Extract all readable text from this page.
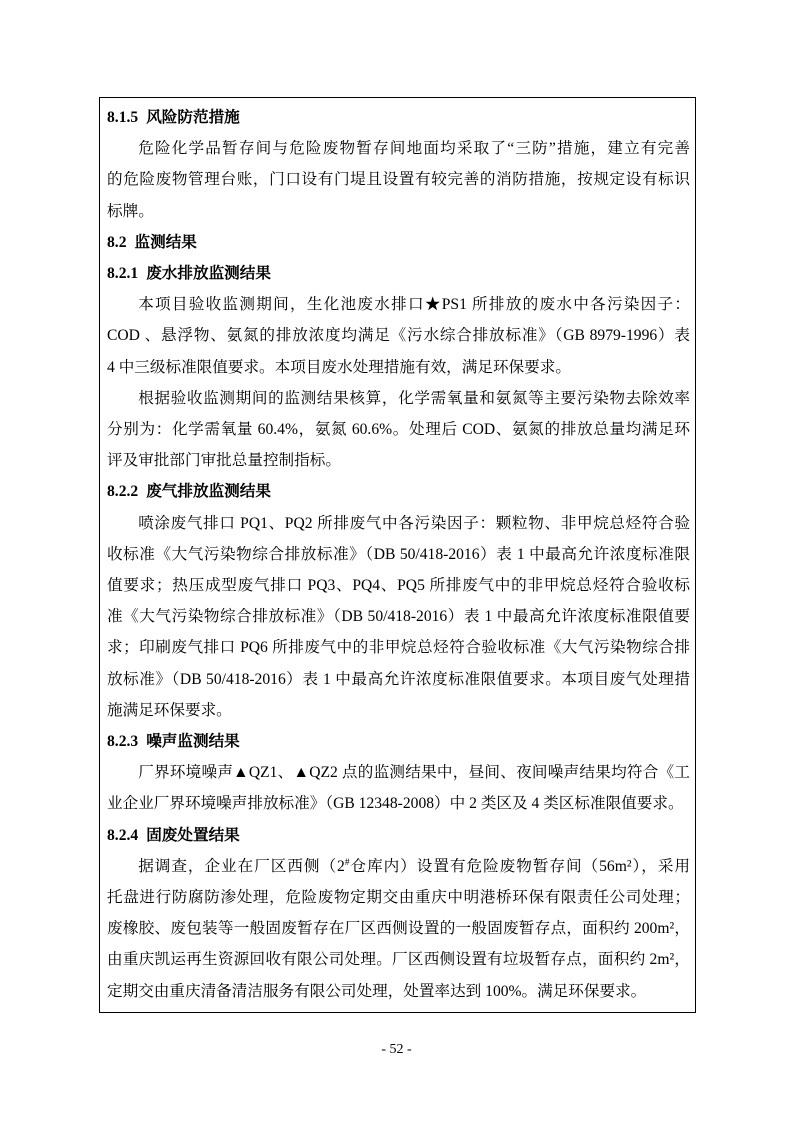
8.1.5 风险防范措施
危险化学品暂存间与危险废物暂存间地面均采取了“三防”措施，建立有完善
的危险废物管理台账，门口设有门堤且设置有较完善的消防措施，按规定设有标识
标牌。
8.2 监测结果
8.2.1 废水排放监测结果
本项目验收监测期间，生化池废水排口★PS1 所排放的废水中各污染因子：
COD 、悬浮物、氨氮的排放浓度均满足《污水综合排放标准》（GB 8979-1996）表
4 中三级标准限值要求。本项目废水处理措施有效，满足环保要求。
根据验收监测期间的监测结果核算，化学需氧量和氨氮等主要污染物去除效率
分别为：化学需氧量 60.4%，氨氮 60.6%。处理后 COD、氨氮的排放总量均满足环
评及审批部门审批总量控制指标。
8.2.2 废气排放监测结果
喷涂废气排口 PQ1、PQ2 所排废气中各污染因子：颗粒物、非甲烷总烃符合验
收标准《大气污染物综合排放标准》（DB 50/418-2016）表 1 中最高允许浓度标准限
值要求；热压成型废气排口 PQ3、PQ4、PQ5 所排废气中的非甲烷总烃符合验收标
准《大气污染物综合排放标准》（DB 50/418-2016）表 1 中最高允许浓度标准限值要
求；印刷废气排口 PQ6 所排废气中的非甲烷总烃符合验收标准《大气污染物综合排
放标准》（DB 50/418-2016）表 1 中最高允许浓度标准限值要求。本项目废气处理措
施满足环保要求。
8.2.3 噪声监测结果
厂界环境噪声▲QZ1、▲QZ2 点的监测结果中，昼间、夜间噪声结果均符合《工
业企业厂界环境噪声排放标准》（GB 12348-2008）中 2 类区及 4 类区标准限值要求。
8.2.4 固废处置结果
据调查，企业在厂区西侧（2#仓库内）设置有危险废物暂存间（56m²），采用
托盘进行防腐防渗处理，危险废物定期交由重庆中明港桥环保有限责任公司处理；
废橡胶、废包装等一般固废暂存在厂区西侧设置的一般固废暂存点，面积约 200m²，
由重庆凯运再生资源回收有限公司处理。厂区西侧设置有垃圾暂存点，面积约 2m²，
定期交由重庆清备清洁服务有限公司处理，处置率达到 100%。满足环保要求。
- 52 -
